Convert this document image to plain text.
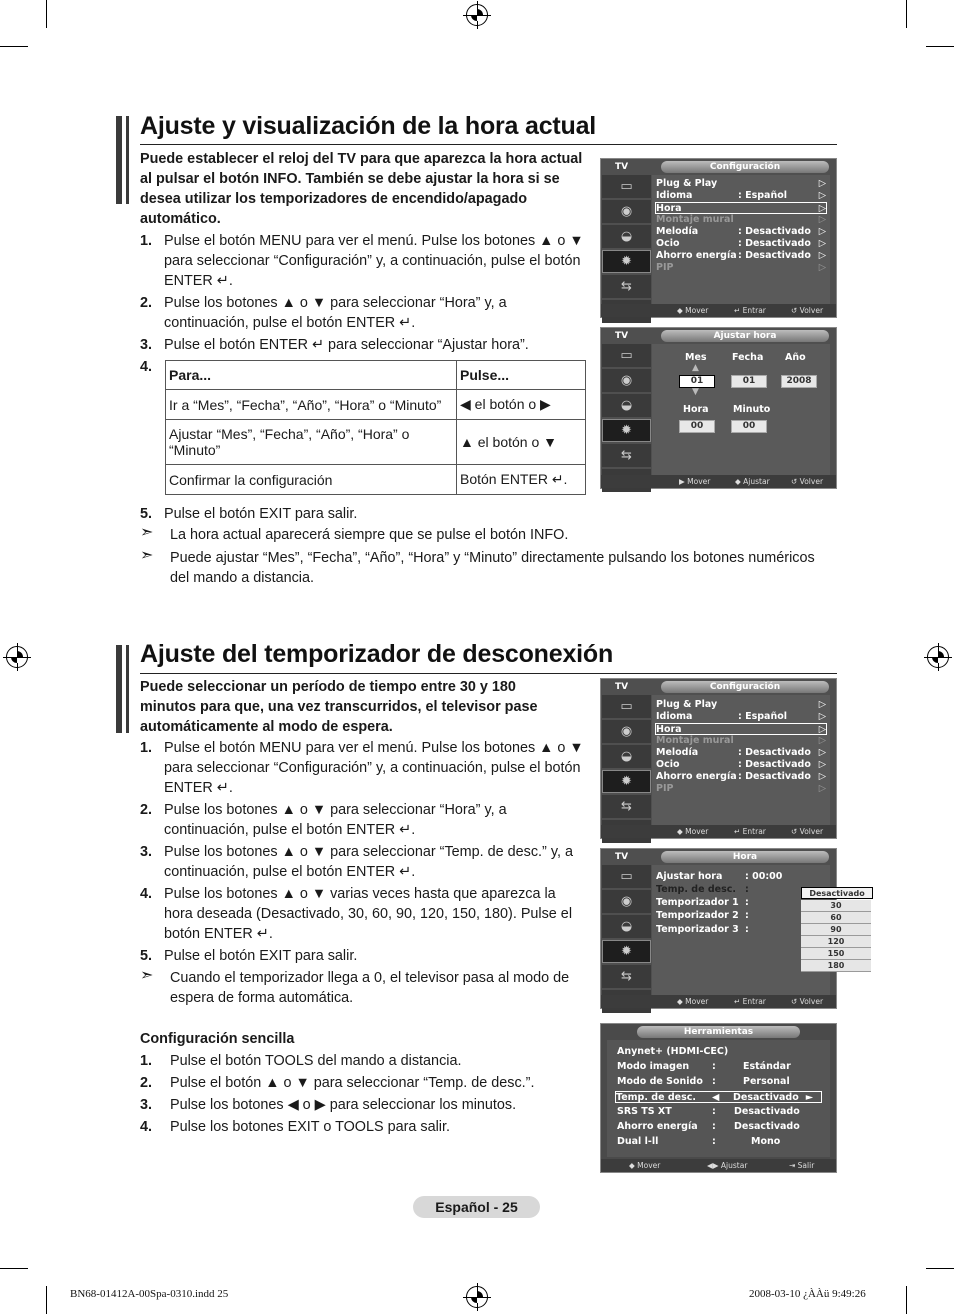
Ajuste y visualización de la hora actual
Puede establecer el reloj del TV para que aparezca la hora actual al pulsar el botón INFO. También se debe ajustar la hora si se desea utilizar los temporizadores de encendido/apagado automático.
1. Pulse el botón MENU para ver el menú. Pulse los botones ▲ o ▼ para seleccionar “Configuración” y, a continuación, pulse el botón ENTER ↵.
2. Pulse los botones ▲ o ▼ para seleccionar “Hora” y, a continuación, pulse el botón ENTER ↵.
3. Pulse el botón ENTER ↵ para seleccionar “Ajustar hora”.
4. Para...	Pulse...
Ir a “Mes”, “Fecha”, “Año”, “Hora” o “Minuto”	◀ el botón o ▶
Ajustar “Mes”, “Fecha”, “Año”, “Hora” o “Minuto”	▲ el botón o ▼
Confirmar la configuración	Botón ENTER ↵.
5. Pulse el botón EXIT para salir.
➣	La hora actual aparecerá siempre que se pulse el botón INFO.
➣	Puede ajustar “Mes”, “Fecha”, “Año”, “Hora” y “Minuto” directamente pulsando los botones numéricos del mando a distancia.
TV	Configuración
▭
◉
◒
✹
⇆
Plug & Play	▷
Idioma	: Español	▷
Hora	▷
Montaje mural	▷
Melodía	: Desactivado ▷
Ocio	: Desactivado ▷
Ahorro energía : Desactivado ▷
PIP	▷
◆ Mover	↵ Entrar	↺ Volver
TV	Ajustar hora
▭
◉
◒
✹
⇆
Mes	Fecha Año
▲
01	01	2008
▼
Hora	Minuto
00	00
▶ Mover	◆ Ajustar	↺ Volver
Ajuste del temporizador de desconexión
Puede seleccionar un período de tiempo entre 30 y 180 minutos para que, una vez transcurridos, el televisor pase automáticamente al modo de espera.
1. Pulse el botón MENU para ver el menú. Pulse los botones ▲ o ▼ para seleccionar “Configuración” y, a continuación, pulse el botón ENTER ↵.
2. Pulse los botones ▲ o ▼ para seleccionar “Hora” y, a continuación, pulse el botón ENTER ↵.
3. Pulse los botones ▲ o ▼ para seleccionar “Temp. de desc.” y, a continuación, pulse el botón ENTER ↵.
4. Pulse los botones ▲ o ▼ varias veces hasta que aparezca la hora deseada (Desactivado, 30, 60, 90, 120, 150, 180). Pulse el botón ENTER ↵.
5. Pulse el botón EXIT para salir.
➣	Cuando el temporizador llega a 0, el televisor pasa al modo de espera de forma automática.
Configuración sencilla
1. Pulse el botón TOOLS del mando a distancia.
2. Pulse el botón ▲ o ▼ para seleccionar “Temp. de desc.”.
3. Pulse los botones ◀ o ▶ para seleccionar los minutos.
4. Pulse los botones EXIT o TOOLS para salir.
TV	Configuración
▭
◉
◒
✹
⇆
Plug & Play	▷
Idioma	: Español	▷
Hora	▷
Montaje mural	▷
Melodía	: Desactivado ▷
Ocio	: Desactivado ▷
Ahorro energía : Desactivado ▷
PIP	▷
◆ Mover	↵ Entrar	↺ Volver
TV	Hora
▭
◉
◒
✹
⇆
Ajustar hora : 00:00
Temp. de desc. :
Temporizador 1 :
Temporizador 2 :
Temporizador 3 :
Desactivado
30
60
90
120
150
180
◆ Mover	↵ Entrar	↺ Volver
Herramientas
Anynet+ (HDMI-CEC)
Modo imagen :	Estándar
Modo de Sonido :	Personal
Temp. de desc. ◀ Desactivado ►
SRS TS XT	: Desactivado
Ahorro energía : Desactivado
Dual l-ll	:	Mono
◆ Mover	◀▶ Ajustar	⇥ Salir
Español - 25
BN68-01412A-00Spa-0310.indd 25	2008-03-10 ¿ÀÀü 9:49:26
